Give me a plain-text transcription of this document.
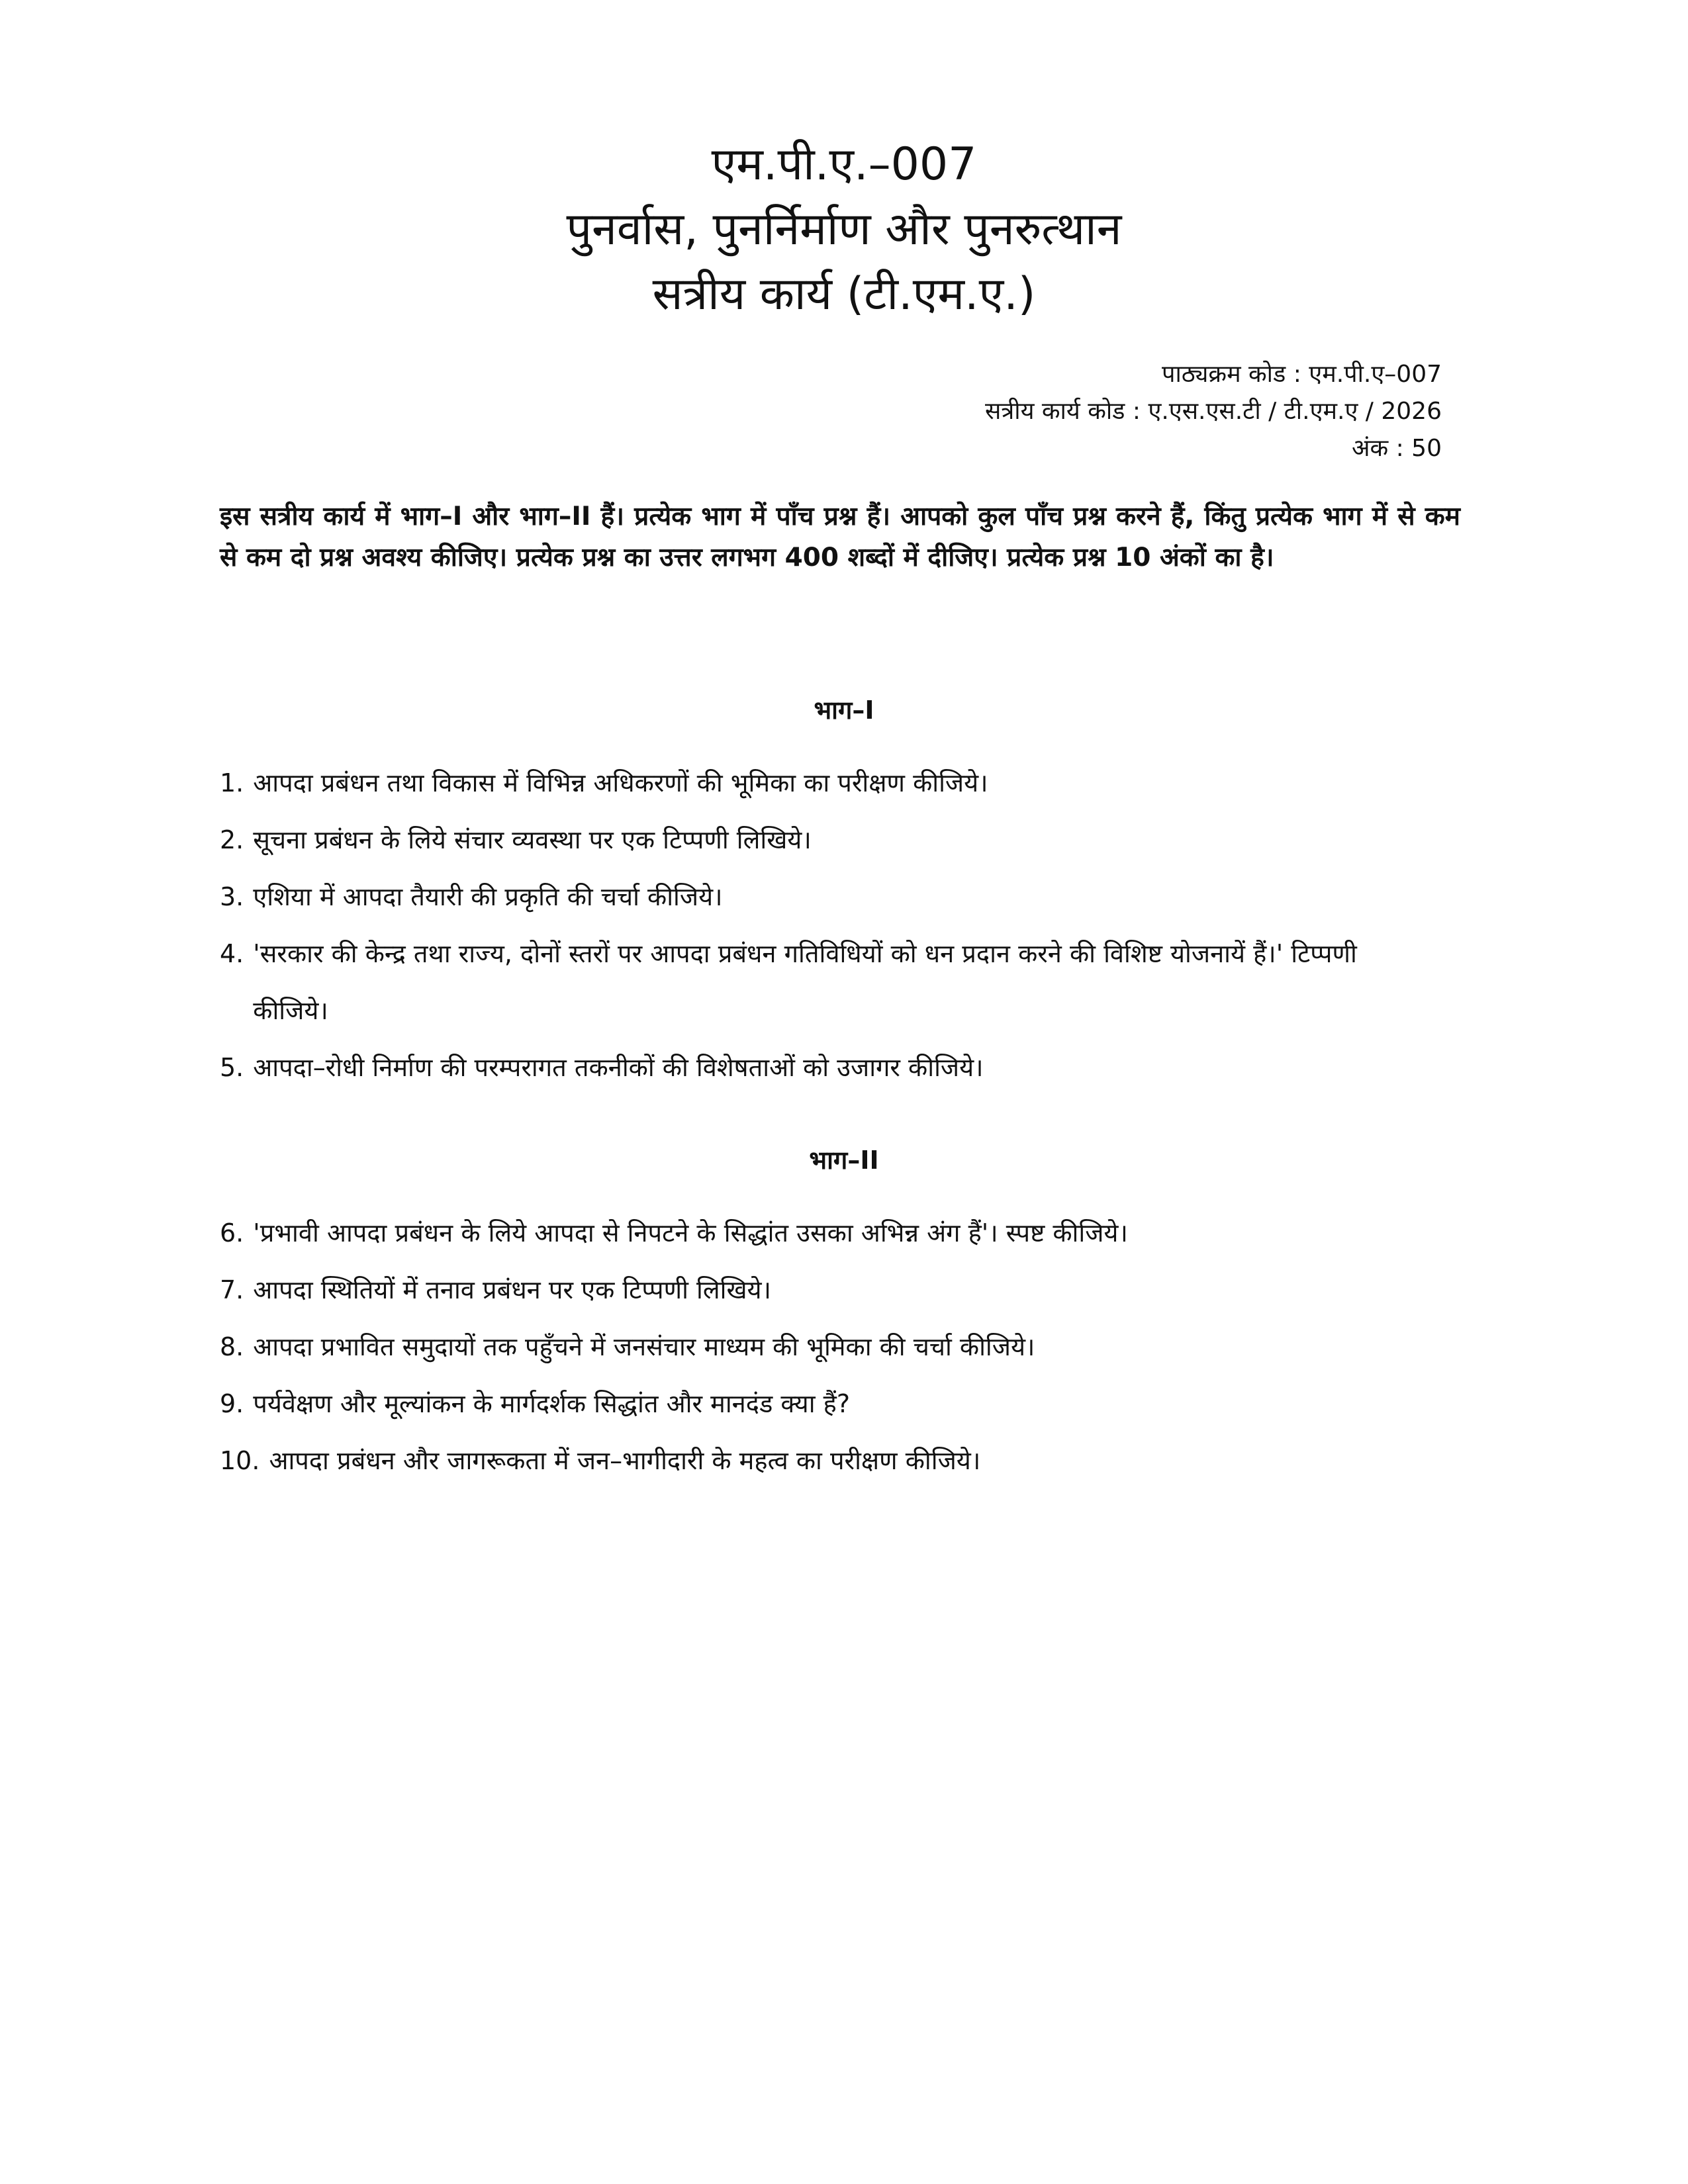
एम.पी.ए.–007
पुनर्वास, पुनर्निर्माण और पुनरुत्थान
सत्रीय कार्य (टी.एम.ए.)
पाठ्यक्रम कोड : एम.पी.ए–007
सत्रीय कार्य कोड : ए.एस.एस.टी / टी.एम.ए / 2026
अंक : 50
इस सत्रीय कार्य में भाग–I और भाग–II हैं। प्रत्येक भाग में पाँच प्रश्न हैं। आपको कुल पाँच प्रश्न करने हैं, किंतु प्रत्येक भाग में से कम से कम दो प्रश्न अवश्य कीजिए। प्रत्येक प्रश्न का उत्तर लगभग 400 शब्दों में दीजिए। प्रत्येक प्रश्न 10 अंकों का है।
भाग–I
1. आपदा प्रबंधन तथा विकास में विभिन्न अधिकरणों की भूमिका का परीक्षण कीजिये।
2. सूचना प्रबंधन के लिये संचार व्यवस्था पर एक टिप्पणी लिखिये।
3. एशिया में आपदा तैयारी की प्रकृति की चर्चा कीजिये।
4. 'सरकार की केन्द्र तथा राज्य, दोनों स्तरों पर आपदा प्रबंधन गतिविधियों को धन प्रदान करने की विशिष्ट योजनायें हैं।' टिप्पणी कीजिये।
5. आपदा–रोधी निर्माण की परम्परागत तकनीकों की विशेषताओं को उजागर कीजिये।
भाग–II
6. 'प्रभावी आपदा प्रबंधन के लिये आपदा से निपटने के सिद्धांत उसका अभिन्न अंग हैं'। स्पष्ट कीजिये।
7. आपदा स्थितियों में तनाव प्रबंधन पर एक टिप्पणी लिखिये।
8. आपदा प्रभावित समुदायों तक पहुँचने में जनसंचार माध्यम की भूमिका की चर्चा कीजिये।
9. पर्यवेक्षण और मूल्यांकन के मार्गदर्शक सिद्धांत और मानदंड क्या हैं?
10. आपदा प्रबंधन और जागरूकता में जन–भागीदारी के महत्व का परीक्षण कीजिये।
